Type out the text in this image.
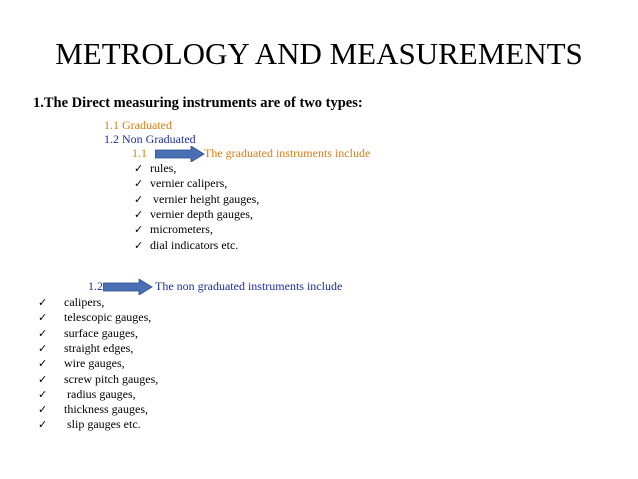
METROLOGY AND MEASUREMENTS
1.The Direct measuring instruments are of two types:
1.1 Graduated
1.2 Non Graduated
1.1	The graduated instruments include
✓ rules,
✓ vernier calipers,
✓ vernier height gauges,
✓ vernier depth gauges,
✓ micrometers,
✓ dial indicators etc.
1.2	The non graduated instruments include
✓ calipers,
✓ telescopic gauges,
✓ surface gauges,
✓ straight edges,
✓ wire gauges,
✓ screw pitch gauges,
✓ radius gauges,
✓ thickness gauges,
✓ slip gauges etc.
